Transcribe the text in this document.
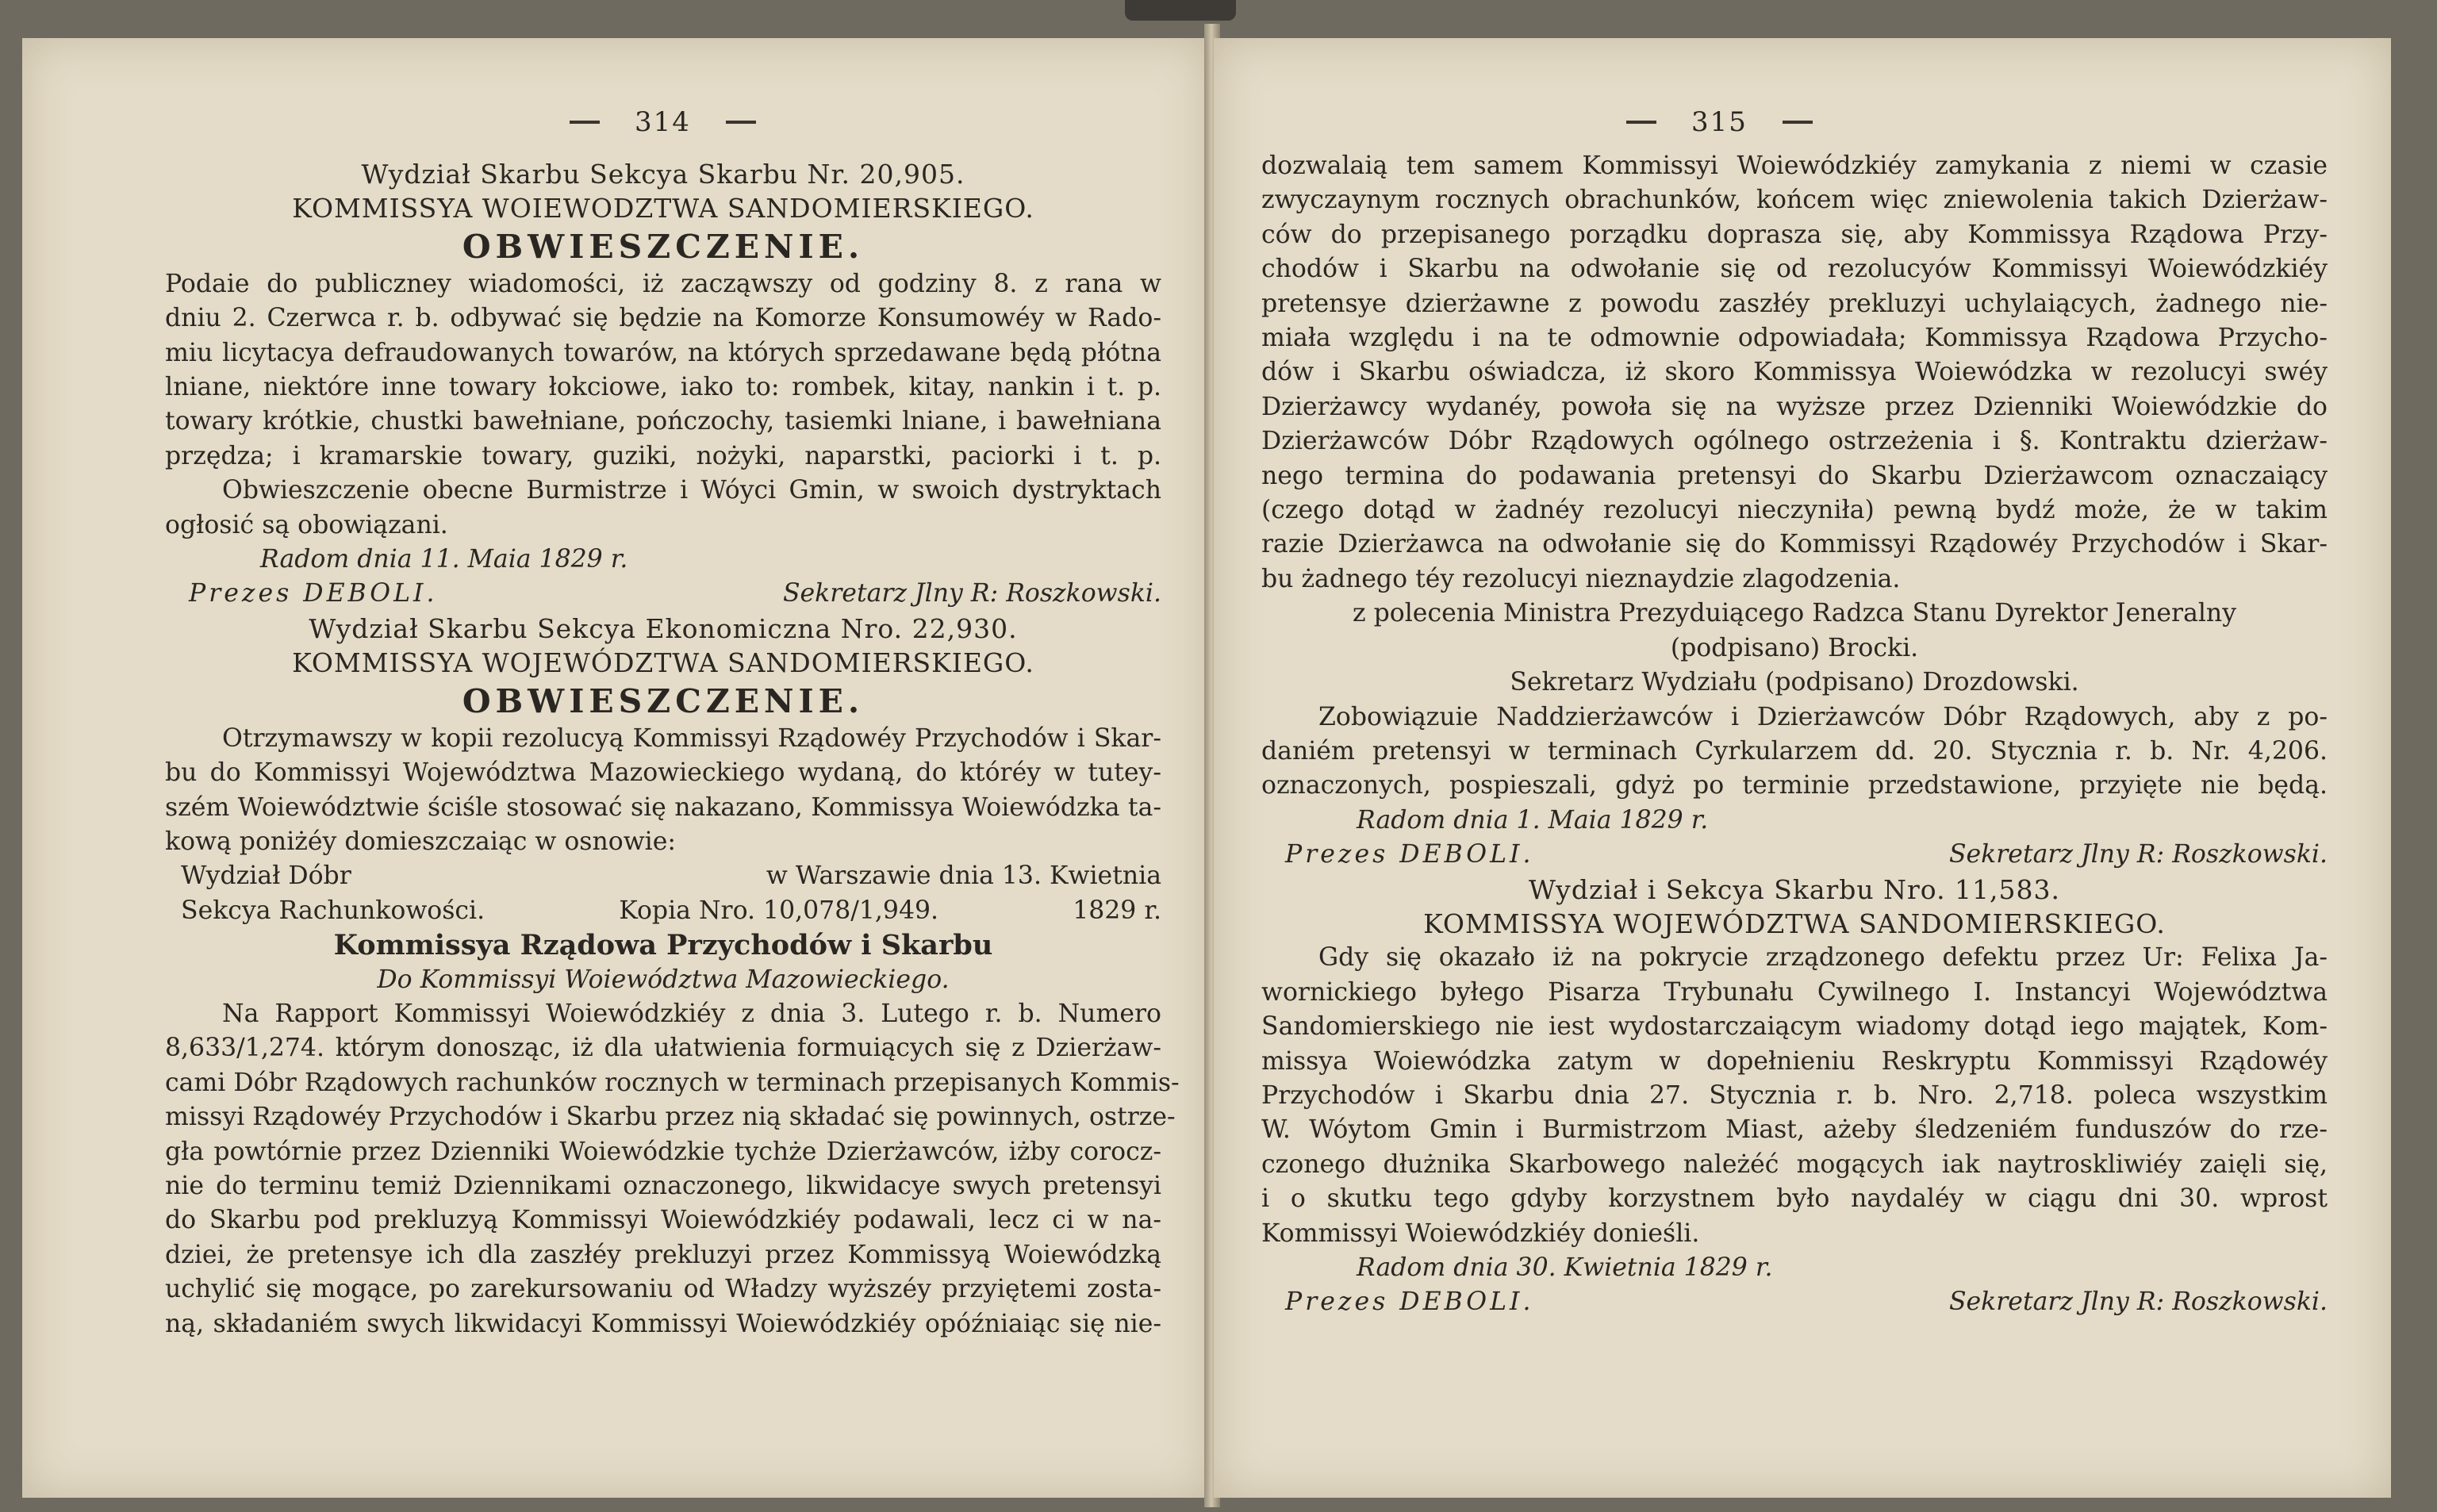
314
Wydział Skarbu Sekcya Skarbu Nr. 20,905.
KOMMISSYA WOIEWODZTWA SANDOMIERSKIEGO.
OBWIESZCZENIE.
Podaie do publiczney wiadomości, iż zacząwszy od godziny 8. z rana w
dniu 2. Czerwca r. b. odbywać się będzie na Komorze Konsumowéy w Rado-
miu licytacya defraudowanych towarów, na których sprzedawane będą płótna
lniane, niektóre inne towary łokciowe, iako to: rombek, kitay, nankin i t. p.
towary krótkie, chustki bawełniane, pończochy, tasiemki lniane, i bawełniana
przędza; i kramarskie towary, guziki, nożyki, naparstki, paciorki i t. p.
Obwieszczenie obecne Burmistrze i Wóyci Gmin, w swoich dystryktach
ogłosić są obowiązani.
Radom dnia 11. Maia 1829 r.
Prezes DEBOLI.	Sekretarz Jlny R: Roszkowski.
Wydział Skarbu Sekcya Ekonomiczna Nro. 22,930.
KOMMISSYA WOJEWÓDZTWA SANDOMIERSKIEGO.
OBWIESZCZENIE.
Otrzymawszy w kopii rezolucyą Kommissyi Rządowéy Przychodów i Skar-
bu do Kommissyi Województwa Mazowieckiego wydaną, do któréy w tutey-
szém Woiewództwie ściśle stosować się nakazano, Kommissya Woiewódzka ta-
kową poniżéy domieszczaiąc w osnowie:
Wydział Dóbr	w Warszawie dnia 13. Kwietnia
Sekcya Rachunkowości.	Kopia Nro. 10,078/1,949.	1829 r.
Kommissya Rządowa Przychodów i Skarbu
Do Kommissyi Woiewództwa Mazowieckiego.
Na Rapport Kommissyi Woiewódzkiéy z dnia 3. Lutego r. b. Numero
8,633/1,274. którym donosząc, iż dla ułatwienia formuiących się z Dzierżaw-
cami Dóbr Rządowych rachunków rocznych w terminach przepisanych Kommis-
missyi Rządowéy Przychodów i Skarbu przez nią składać się powinnych, ostrze-
gła powtórnie przez Dzienniki Woiewódzkie tychże Dzierżawców, iżby corocz-
nie do terminu temiż Dziennikami oznaczonego, likwidacye swych pretensyi
do Skarbu pod prekluzyą Kommissyi Woiewódzkiéy podawali, lecz ci w na-
dziei, że pretensye ich dla zaszłéy prekluzyi przez Kommissyą Woiewódzką
uchylić się mogące, po zarekursowaniu od Władzy wyższéy przyiętemi zosta-
ną, składaniém swych likwidacyi Kommissyi Woiewódzkiéy opóźniaiąc się nie-
315
dozwalaią tem samem Kommissyi Woiewódzkiéy zamykania z niemi w czasie
zwyczaynym rocznych obrachunków, końcem więc zniewolenia takich Dzierżaw-
ców do przepisanego porządku doprasza się, aby Kommissya Rządowa Przy-
chodów i Skarbu na odwołanie się od rezolucyów Kommissyi Woiewódzkiéy
pretensye dzierżawne z powodu zaszłéy prekluzyi uchylaiących, żadnego nie-
miała względu i na te odmownie odpowiadała; Kommissya Rządowa Przycho-
dów i Skarbu oświadcza, iż skoro Kommissya Woiewódzka w rezolucyi swéy
Dzierżawcy wydanéy, powoła się na wyższe przez Dzienniki Woiewódzkie do
Dzierżawców Dóbr Rządowych ogólnego ostrzeżenia i §. Kontraktu dzierżaw-
nego termina do podawania pretensyi do Skarbu Dzierżawcom oznaczaiący
(czego dotąd w żadnéy rezolucyi nieczyniła) pewną bydź może, że w takim
razie Dzierżawca na odwołanie się do Kommissyi Rządowéy Przychodów i Skar-
bu żadnego téy rezolucyi nieznaydzie zlagodzenia.
z polecenia Ministra Prezyduiącego Radzca Stanu Dyrektor Jeneralny
(podpisano) Brocki.
Sekretarz Wydziału (podpisano) Drozdowski.
Zobowiązuie Naddzierżawców i Dzierżawców Dóbr Rządowych, aby z po-
daniém pretensyi w terminach Cyrkularzem dd. 20. Stycznia r. b. Nr. 4,206.
oznaczonych, pospieszali, gdyż po terminie przedstawione, przyięte nie będą.
Radom dnia 1. Maia 1829 r.
Prezes DEBOLI.	Sekretarz Jlny R: Roszkowski.
Wydział i Sekcya Skarbu Nro. 11,583.
KOMMISSYA WOJEWÓDZTWA SANDOMIERSKIEGO.
Gdy się okazało iż na pokrycie zrządzonego defektu przez Ur: Felixa Ja-
wornickiego byłego Pisarza Trybunału Cywilnego I. Instancyi Województwa
Sandomierskiego nie iest wydostarczaiącym wiadomy dotąd iego majątek, Kom-
missya Woiewódzka zatym w dopełnieniu Reskryptu Kommissyi Rządowéy
Przychodów i Skarbu dnia 27. Stycznia r. b. Nro. 2,718. poleca wszystkim
W. Wóytom Gmin i Burmistrzom Miast, ażeby śledzeniém funduszów do rze-
czonego dłużnika Skarbowego należéć mogących iak naytroskliwiéy zaięli się,
i o skutku tego gdyby korzystnem było naydaléy w ciągu dni 30. wprost
Kommissyi Woiewódzkiéy donieśli.
Radom dnia 30. Kwietnia 1829 r.
Prezes DEBOLI.	Sekretarz Jlny R: Roszkowski.
